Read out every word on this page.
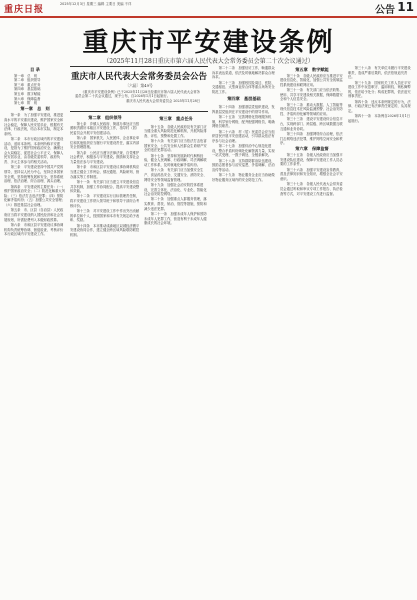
重庆日报
2025年12月3日 星期三 编辑 主要日 美编 不详
公告 11
重庆市平安建设条例
（2025年11月28日重庆市第六届人民代表大会常务委员会第二十次会议通过）
重庆市人民代表大会常务委员会公告
〔六届〕第49号
《重庆市平安建设条例》已于2025年11月28日经重庆市第六届人民代表大会常务委员会第二十次会议通过，现予公布，自2026年1月1日起施行。
重庆市人民代表大会常务委员会 2025年11月28日
目 录
第一章　总　则
第二章　组织领导
第三章　重点任务
第四章　基层基础
第五章　数字赋能
第六章　保障监督
第七章　附　则
第一章　总　则

第一条　为了加强平安建设，推进更高水平的平安重庆建设，维护国家安全和社会稳定，保障人民安居乐业，根据有关法律、行政法规，结合本市实际，制定本条例。

第二条　本市行政区域内的平安建设活动，适用本条例。本条例所称平安建设，是指为了维护国家政治安全、确保社会大局稳定、促进社会公平正义、保障人民安居乐业，由各级党委领导、政府负责、多元主体参与的相关活动。

第三条　平安建设坚持中国共产党的领导，坚持以人民为中心，坚持总体国家安全观，坚持统筹发展和安全，坚持系统治理、依法治理、综合治理、源头治理。

第四条　平安建设的主要任务：（一）维护国家政治安全；（二）防范化解重大风险；（三）依法打击违法犯罪；（四）预防化解矛盾纠纷；（五）加强公共安全管理；（六）推进基层社会治理。

第五条　市、区县（自治县）人民政府应当将平安建设纳入国民经济和社会发展规划，所需经费列入本级财政预算。

第六条　市和区县平安建设议事协调机构负责统筹协调、督促检查、考核评价本行政区域内平安建设工作。

第二章　组织领导

第七条　乡镇人民政府、街道办事处应当按照职责做好本辖区平安建设工作，指导村（居）民委员会开展平安创建活动。

第八条　国家机关、人民团体、企业事业单位和其他组织应当履行平安建设责任，落实内部安全管理措施。

第九条　公民应当遵守法律法规，自觉维护社会秩序，积极参与平安建设。鼓励和支持社会力量依法参与平安建设。

第十条　市和区县平安建设议事协调机构应当建立健全工作例会、情况通报、风险研判、督办落实等工作制度。

第十一条　有关部门应当建立平安建设信息共享机制，加强工作协同配合，提高平安建设整体效能。

第十二条　平安建设实行目标管理责任制，将平安建设工作纳入领导班子和领导干部综合考核评价。

第十三条　对平安建设工作中作出突出贡献的单位和个人，按照国家和本市有关规定给予表彰、奖励。

第十四条　本市推动成渝地区双城经济圈平安建设协同合作，建立健全跨区域风险联防联控机制。

第三章　重点任务

第十五条　各级人民政府及有关部门应当健全重大风险防范化解机制，开展风险排查、评估、预警和处置工作。

第十六条　有关部门应当依法打击危害国家安全、公共安全和人民群众生命财产安全的违法犯罪活动。

第十七条　坚持和发展新时代枫桥经验，健全人民调解、行政调解、司法调解联动工作体系，及时就地化解矛盾纠纷。

第十八条　有关部门应当加强安全生产、食品药品安全、交通安全、消防安全、网络安全等领域监督管理。

第十九条　加强社会治安防控体系建设，完善立体化、法治化、专业化、智能化社会治安防控网络。

第二十条　加强重点人群服务管理，落实教育、帮扶、矫治、管控等措施，预防和减少违法犯罪。

第二十一条　加强未成年人保护和预防未成年人犯罪工作，营造有利于未成年人健康成长的社会环境。

第二十二条　加强信访工作，畅通群众诉求表达渠道，依法及时就地解决群众合理诉求。

第二十三条　加强校园及周边、医院、交通枢纽、大型商业综合体等重点场所安全防范工作。

第四章　基层基础

第二十四条　加强基层党组织建设，发挥基层党组织在平安建设中的领导作用。

第二十五条　完善网格化管理服务机制，科学划分网格，配齐配强网格员，明确网格员职责。

第二十六条　村（居）民委员会应当组织居民开展平安创建活动，引导群众依法有序参与社会治理。

第二十七条　加强综治中心规范化建设，整合矛盾纠纷调处化解资源力量，实现一站式受理、一揽子调处、全链条解决。

第二十八条　支持群防群治队伍建设，鼓励志愿者参与治安巡逻、矛盾调解、法治宣传等活动。

第二十九条　物业服务企业应当协助做好物业服务区域内的安全防范工作。

第五章　数字赋能

第三十条　各级人民政府应当推进平安建设信息化、智能化，加强公共安全视频监控系统建设和联网应用。

第三十一条　有关部门应当依法收集、使用、共享平安建设相关数据，保障数据安全和个人信息安全。

第三十二条　推动大数据、人工智能等现代信息技术在风险监测预警、社会治安防控、矛盾纠纷化解等领域的应用。

第三十三条　建设平安建设综合信息平台，实现跨部门、跨层级、跨区域数据互联互通和业务协同。

第三十四条　加强网络综合治理，依法打击网络违法犯罪，维护网络空间安全和秩序。

第六章　保障监督

第三十五条　各级人民政府应当加强平安建设队伍建设，保障平安建设工作人员必要的工作条件。

第三十六条　加强平安建设宣传教育，普及法律知识和安全知识，增强全社会平安意识。

第三十七条　各级人民代表大会常务委员会通过听取和审议专项工作报告、执法检查等方式，对平安建设工作进行监督。

第三十八条　有关单位未履行平安建设职责，造成严重后果的，依法依规追究责任。

第三十九条　国家机关工作人员在平安建设工作中玩忽职守、滥用职权、徇私舞弊的，依法给予处分；构成犯罪的，依法追究刑事责任。

第四十条　违反本条例规定的行为，法律、行政法规已有法律责任规定的，从其规定。

第四十一条　本条例自2026年1月1日起施行。
